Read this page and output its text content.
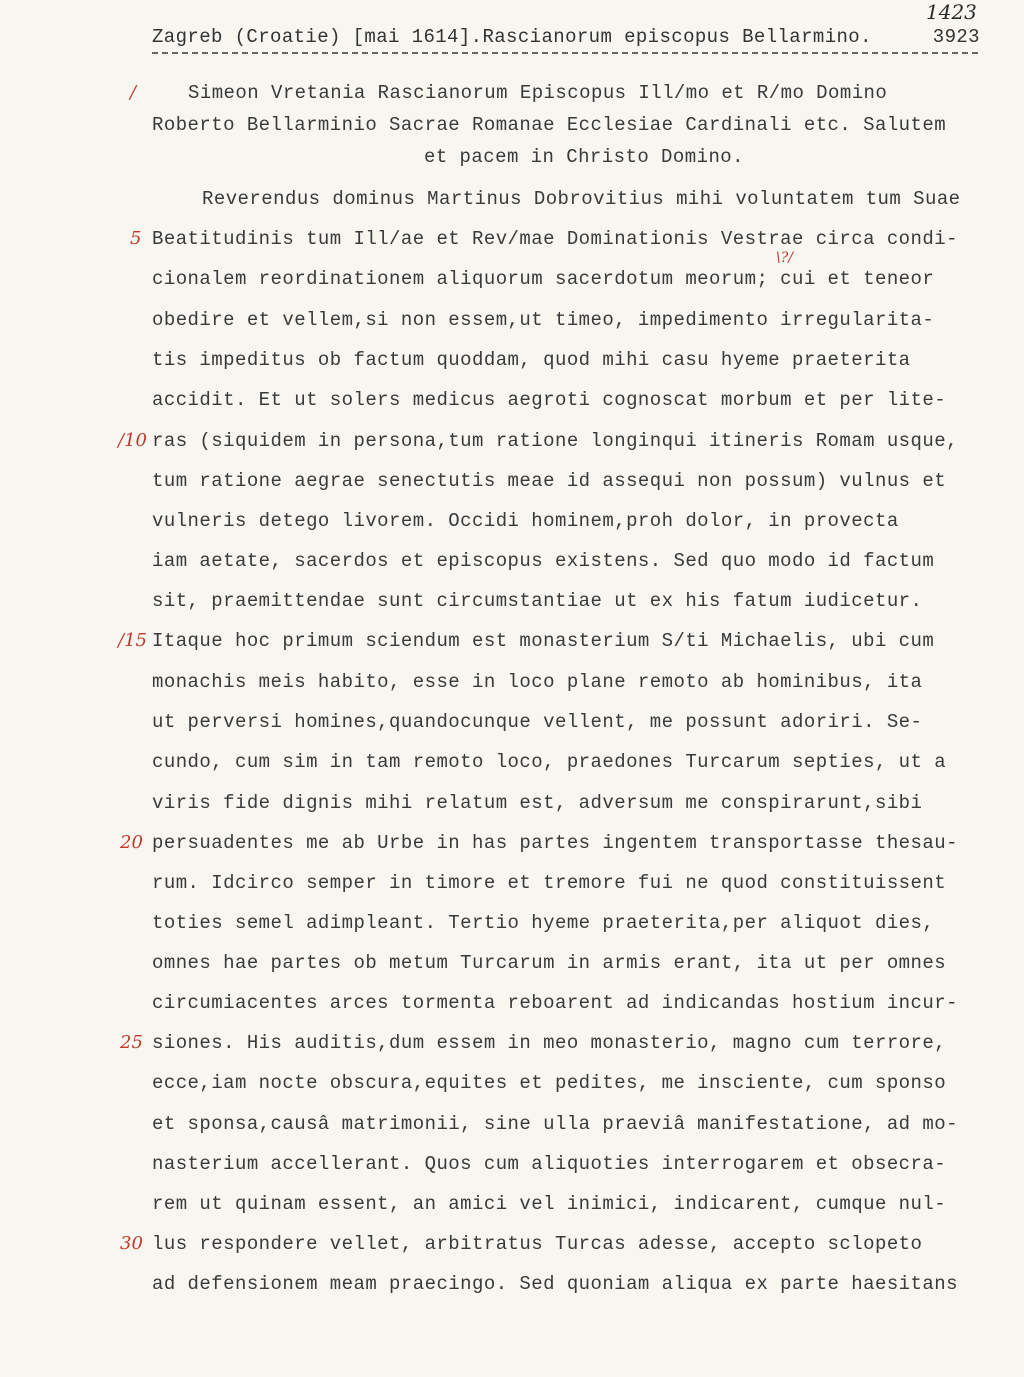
1423
Zagreb (Croatie) [mai 1614].Rascianorum episcopus Bellarmino.	3923
\?/
/
5
/10
/15
20
25
30
Simeon Vretania Rascianorum Episcopus Ill/mo et R/mo Domino
Roberto Bellarminio Sacrae Romanae Ecclesiae Cardinali etc. Salutem
et pacem in Christo Domino.
Reverendus dominus Martinus Dobrovitius mihi voluntatem tum Suae
Beatitudinis tum Ill/ae et Rev/mae Dominationis Vestrae circa condi-
cionalem reordinationem aliquorum sacerdotum meorum; cui et teneor
obedire et vellem,si non essem,ut timeo, impedimento irregularita-
tis impeditus ob factum quoddam, quod mihi casu hyeme praeterita
accidit. Et ut solers medicus aegroti cognoscat morbum et per lite-
ras (siquidem in persona,tum ratione longinqui itineris Romam usque,
tum ratione aegrae senectutis meae id assequi non possum) vulnus et
vulneris detego livorem. Occidi hominem,proh dolor, in provecta
iam aetate, sacerdos et episcopus existens. Sed quo modo id factum
sit, praemittendae sunt circumstantiae ut ex his fatum iudicetur.
Itaque hoc primum sciendum est monasterium S/ti Michaelis, ubi cum
monachis meis habito, esse in loco plane remoto ab hominibus, ita
ut perversi homines,quandocunque vellent, me possunt adoriri. Se-
cundo, cum sim in tam remoto loco, praedones Turcarum septies, ut a
viris fide dignis mihi relatum est, adversum me conspirarunt,sibi
persuadentes me ab Urbe in has partes ingentem transportasse thesau-
rum. Idcirco semper in timore et tremore fui ne quod constituissent
toties semel adimpleant. Tertio hyeme praeterita,per aliquot dies,
omnes hae partes ob metum Turcarum in armis erant, ita ut per omnes
circumiacentes arces tormenta reboarent ad indicandas hostium incur-
siones. His auditis,dum essem in meo monasterio, magno cum terrore,
ecce,iam nocte obscura,equites et pedites, me insciente, cum sponso
et sponsa,causâ matrimonii, sine ulla praeviâ manifestatione, ad mo-
nasterium accellerant. Quos cum aliquoties interrogarem et obsecra-
rem ut quinam essent, an amici vel inimici, indicarent, cumque nul-
lus respondere vellet, arbitratus Turcas adesse, accepto sclopeto
ad defensionem meam praecingo. Sed quoniam aliqua ex parte haesitans
